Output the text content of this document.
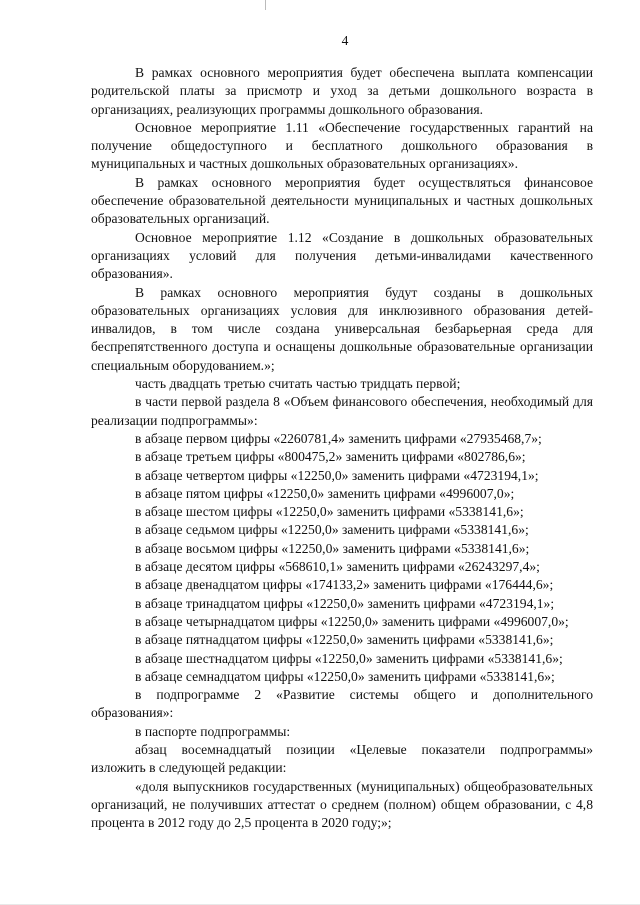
4

В рамках основного мероприятия будет обеспечена выплата компенсации родительской платы за присмотр и уход за детьми дошкольного возраста в организациях, реализующих программы дошкольного образования.

Основное мероприятие 1.11 «Обеспечение государственных гарантий на получение общедоступного и бесплатного дошкольного образования в муниципальных и частных дошкольных образовательных организациях».

В рамках основного мероприятия будет осуществляться финансовое обеспечение образовательной деятельности муниципальных и частных дошкольных образовательных организаций.

Основное мероприятие 1.12 «Создание в дошкольных образовательных организациях условий для получения детьми-инвалидами качественного образования».

В рамках основного мероприятия будут созданы в дошкольных образовательных организациях условия для инклюзивного образования детей-инвалидов, в том числе создана универсальная безбарьерная среда для беспрепятственного доступа и оснащены дошкольные образовательные организации специальным оборудованием.»;

часть двадцать третью считать частью тридцать первой;

в части первой раздела 8 «Объем финансового обеспечения, необходимый для реализации подпрограммы»:

в абзаце первом цифры «2260781,4» заменить цифрами «27935468,7»;

в абзаце третьем цифры «800475,2» заменить цифрами «802786,6»;

в абзаце четвертом цифры «12250,0» заменить цифрами «4723194,1»;

в абзаце пятом цифры «12250,0» заменить цифрами «4996007,0»;

в абзаце шестом цифры «12250,0» заменить цифрами «5338141,6»;

в абзаце седьмом цифры «12250,0» заменить цифрами «5338141,6»;

в абзаце восьмом цифры «12250,0» заменить цифрами «5338141,6»;

в абзаце десятом цифры «568610,1» заменить цифрами «26243297,4»;

в абзаце двенадцатом цифры «174133,2» заменить цифрами «176444,6»;

в абзаце тринадцатом цифры «12250,0» заменить цифрами «4723194,1»;

в абзаце четырнадцатом цифры «12250,0» заменить цифрами «4996007,0»;

в абзаце пятнадцатом цифры «12250,0» заменить цифрами «5338141,6»;

в абзаце шестнадцатом цифры «12250,0» заменить цифрами «5338141,6»;

в абзаце семнадцатом цифры «12250,0» заменить цифрами «5338141,6»;

в подпрограмме 2 «Развитие системы общего и дополнительного образования»:

в паспорте подпрограммы:

абзац восемнадцатый позиции «Целевые показатели подпрограммы» изложить в следующей редакции:

«доля выпускников государственных (муниципальных) общеобразовательных организаций, не получивших аттестат о среднем (полном) общем образовании, с 4,8 процента в 2012 году до 2,5 процента в 2020 году;»;
